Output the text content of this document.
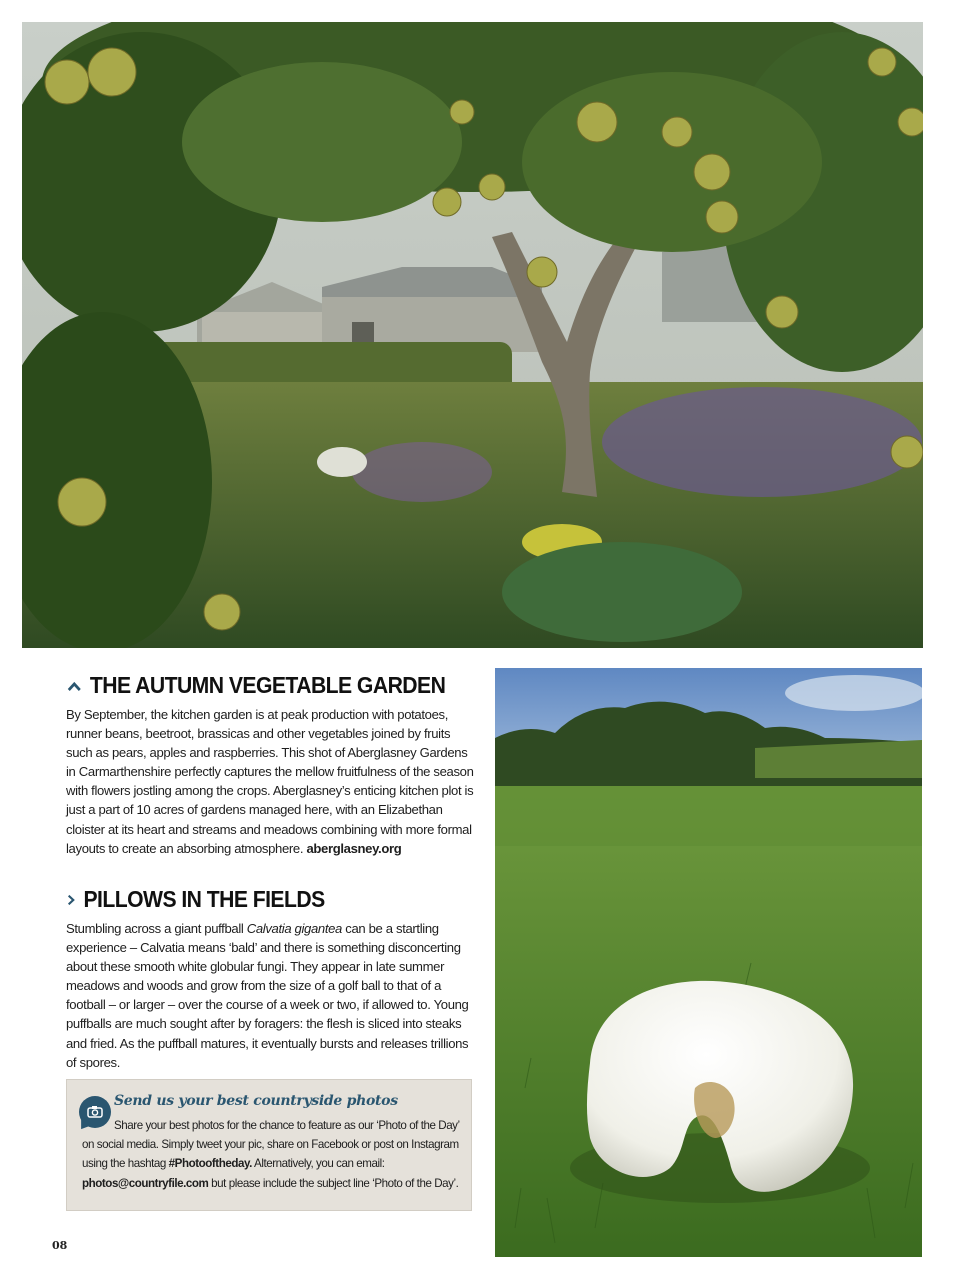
THE AUTUMN VEGETABLE GARDEN

By September, the kitchen garden is at peak production with potatoes, runner beans, beetroot, brassicas and other vegetables joined by fruits such as pears, apples and raspberries. This shot of Aberglasney Gardens in Carmarthenshire perfectly captures the mellow fruitfulness of the season with flowers jostling among the crops. Aberglasney’s enticing kitchen plot is just a part of 10 acres of gardens managed here, with an Elizabethan cloister at its heart and streams and meadows combining with more formal layouts to create an absorbing atmosphere. aberglasney.org

PILLOWS IN THE FIELDS

Stumbling across a giant puffball Calvatia gigantea can be a startling experience – Calvatia means ‘bald’ and there is something disconcerting about these smooth white globular fungi. They appear in late summer meadows and woods and grow from the size of a golf ball to that of a football – or larger – over the course of a week or two, if allowed to. Young puffballs are much sought after by foragers: the flesh is sliced into steaks and fried. As the puffball matures, it eventually bursts and releases trillions of spores.

Send us your best countryside photos
Share your best photos for the chance to feature as our ‘Photo of the Day’ on social media. Simply tweet your pic, share on Facebook or post on Instagram using the hashtag #Photooftheday. Alternatively, you can email: photos@countryfile.com but please include the subject line ‘Photo of the Day’.
08
